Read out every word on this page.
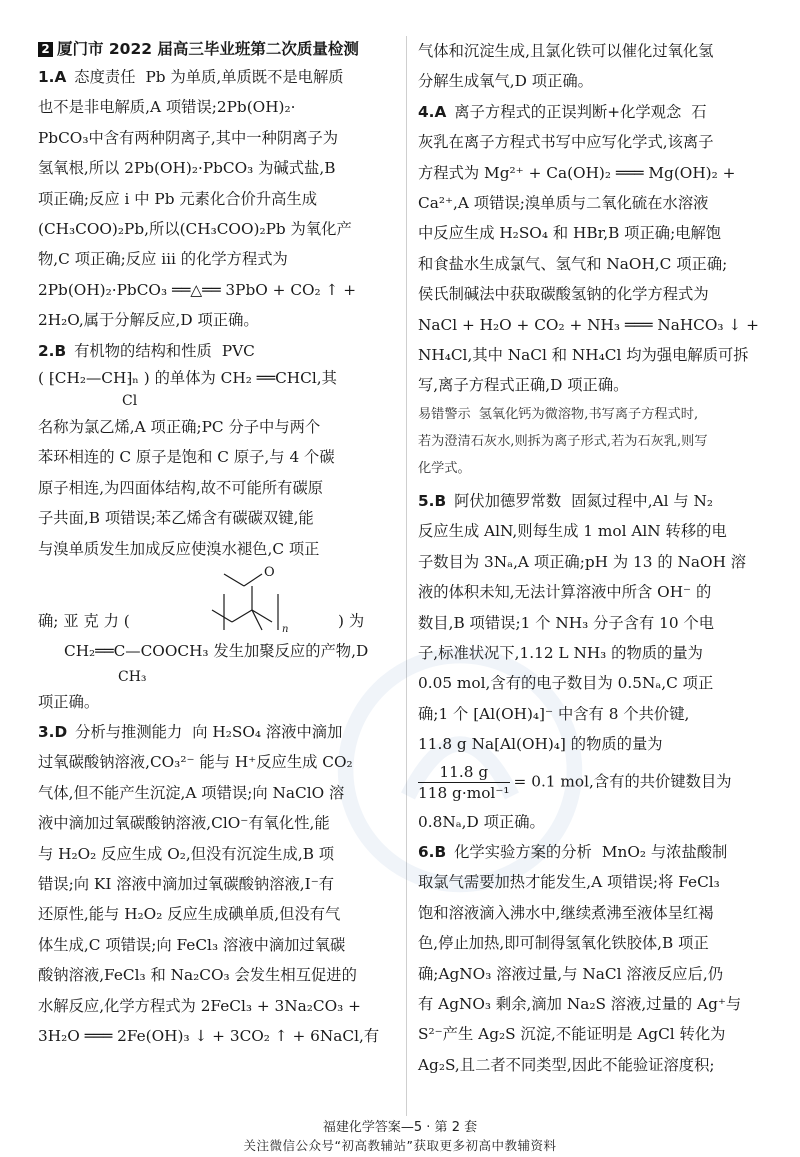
2 厦门市 2022 届高三毕业班第二次质量检测

1.A 态度责任 Pb 为单质,单质既不是电解质

也不是非电解质,A 项错误;2Pb(OH)₂·

PbCO₃中含有两种阴离子,其中一种阴离子为

氢氧根,所以 2Pb(OH)₂·PbCO₃ 为碱式盐,B

项正确;反应 ⅰ 中 Pb 元素化合价升高生成

(CH₃COO)₂Pb,所以(CH₃COO)₂Pb 为氧化产

物,C 项正确;反应 ⅲ 的化学方程式为

2Pb(OH)₂·PbCO₃ ══△══ 3PbO + CO₂ ↑ +

2H₂O,属于分解反应,D 项正确。

2.B 有机物的结构和性质 PVC

( ⁅CH₂—CH⁆ₙ ) 的单体为 CH₂ ══CHCl,其

Cl

名称为氯乙烯,A 项正确;PC 分子中与两个

苯环相连的 C 原子是饱和 C 原子,与 4 个碳

原子相连,为四面体结构,故不可能所有碳原

子共面,B 项错误;苯乙烯含有碳碳双键,能

与溴单质发生加成反应使溴水褪色,C 项正

确; 亚 克 力 (
O
n	) 为

CH₂══C—COOCH₃ 发生加聚反应的产物,D

CH₃

项正确。

3.D 分析与推测能力 向 H₂SO₄ 溶液中滴加

过氧碳酸钠溶液,CO₃²⁻ 能与 H⁺反应生成 CO₂

气体,但不能产生沉淀,A 项错误;向 NaClO 溶

液中滴加过氧碳酸钠溶液,ClO⁻有氧化性,能

与 H₂O₂ 反应生成 O₂,但没有沉淀生成,B 项

错误;向 KI 溶液中滴加过氧碳酸钠溶液,I⁻有

还原性,能与 H₂O₂ 反应生成碘单质,但没有气

体生成,C 项错误;向 FeCl₃ 溶液中滴加过氧碳

酸钠溶液,FeCl₃ 和 Na₂CO₃ 会发生相互促进的

水解反应,化学方程式为 2FeCl₃ + 3Na₂CO₃ +

3H₂O ═══ 2Fe(OH)₃ ↓ + 3CO₂ ↑ + 6NaCl,有

气体和沉淀生成,且氯化铁可以催化过氧化氢

分解生成氧气,D 项正确。

4.A 离子方程式的正误判断+化学观念 石

灰乳在离子方程式书写中应写化学式,该离子

方程式为 Mg²⁺ + Ca(OH)₂ ═══ Mg(OH)₂ +

Ca²⁺,A 项错误;溴单质与二氧化硫在水溶液

中反应生成 H₂SO₄ 和 HBr,B 项正确;电解饱

和食盐水生成氯气、氢气和 NaOH,C 项正确;

侯氏制碱法中获取碳酸氢钠的化学方程式为

NaCl + H₂O + CO₂ + NH₃ ═══ NaHCO₃ ↓ +

NH₄Cl,其中 NaCl 和 NH₄Cl 均为强电解质可拆

写,离子方程式正确,D 项正确。

易错警示 氢氧化钙为微溶物,书写离子方程式时,
若为澄清石灰水,则拆为离子形式,若为石灰乳,则写
化学式。

5.B 阿伏加德罗常数 固氮过程中,Al 与 N₂

反应生成 AlN,则每生成 1 mol AlN 转移的电

子数目为 3Nₐ,A 项正确;pH 为 13 的 NaOH 溶

液的体积未知,无法计算溶液中所含 OH⁻ 的

数目,B 项错误;1 个 NH₃ 分子含有 10 个电

子,标准状况下,1.12 L NH₃ 的物质的量为

0.05 mol,含有的电子数目为 0.5Nₐ,C 项正

确;1 个 [Al(OH)₄]⁻ 中含有 8 个共价键,

11.8 g Na[Al(OH)₄] 的物质的量为

$\frac{11.8 g}{\text{118 g·mol⁻¹}} = 0.1$ mol,含有的共价键数目为

0.8Nₐ,D 项正确。

6.B 化学实验方案的分析 MnO₂ 与浓盐酸制

取氯气需要加热才能发生,A 项错误;将 FeCl₃

饱和溶液滴入沸水中,继续煮沸至液体呈红褐

色,停止加热,即可制得氢氧化铁胶体,B 项正

确;AgNO₃ 溶液过量,与 NaCl 溶液反应后,仍

有 AgNO₃ 剩余,滴加 Na₂S 溶液,过量的 Ag⁺与

S²⁻产生 Ag₂S 沉淀,不能证明是 AgCl 转化为

Ag₂S,且二者不同类型,因此不能验证溶度积;

福建化学答案—5 · 第 2 套
关注微信公众号“初高教辅站”获取更多初高中教辅资料
